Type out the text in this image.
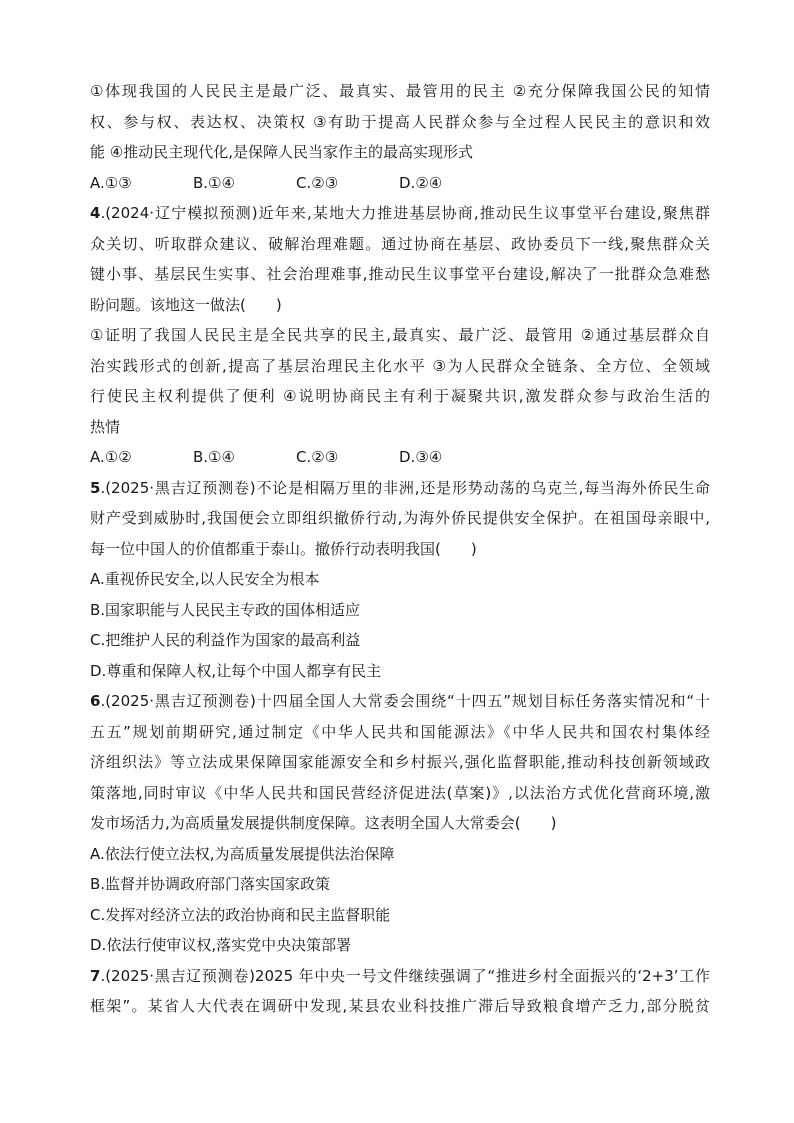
①体现我国的人民民主是最广泛、最真实、最管用的民主 ②充分保障我国公民的知情
权、参与权、表达权、决策权 ③有助于提高人民群众参与全过程人民民主的意识和效
能 ④推动民主现代化,是保障人民当家作主的最高实现形式
A.①③	B.①④	C.②③	D.②④
4.(2024·辽宁模拟预测)近年来,某地大力推进基层协商,推动民生议事堂平台建设,聚焦群
众关切、听取群众建议、破解治理难题。通过协商在基层、政协委员下一线,聚焦群众关
键小事、基层民生实事、社会治理难事,推动民生议事堂平台建设,解决了一批群众急难愁
盼问题。该地这一做法(　　)
①证明了我国人民民主是全民共享的民主,最真实、最广泛、最管用 ②通过基层群众自
治实践形式的创新,提高了基层治理民主化水平 ③为人民群众全链条、全方位、全领域
行使民主权利提供了便利 ④说明协商民主有利于凝聚共识,激发群众参与政治生活的
热情
A.①②	B.①④	C.②③	D.③④
5.(2025·黑吉辽预测卷)不论是相隔万里的非洲,还是形势动荡的乌克兰,每当海外侨民生命
财产受到威胁时,我国便会立即组织撤侨行动,为海外侨民提供安全保护。在祖国母亲眼中,
每一位中国人的价值都重于泰山。撤侨行动表明我国(　　)
A.重视侨民安全,以人民安全为根本
B.国家职能与人民民主专政的国体相适应
C.把维护人民的利益作为国家的最高利益
D.尊重和保障人权,让每个中国人都享有民主
6.(2025·黑吉辽预测卷)十四届全国人大常委会围绕“十四五”规划目标任务落实情况和“十
五五”规划前期研究,通过制定《中华人民共和国能源法》《中华人民共和国农村集体经
济组织法》等立法成果保障国家能源安全和乡村振兴,强化监督职能,推动科技创新领域政
策落地,同时审议《中华人民共和国民营经济促进法(草案)》,以法治方式优化营商环境,激
发市场活力,为高质量发展提供制度保障。这表明全国人大常委会(　　)
A.依法行使立法权,为高质量发展提供法治保障
B.监督并协调政府部门落实国家政策
C.发挥对经济立法的政治协商和民主监督职能
D.依法行使审议权,落实党中央决策部署
7.(2025·黑吉辽预测卷)2025 年中央一号文件继续强调了“推进乡村全面振兴的‘2+3’工作
框架”。某省人大代表在调研中发现,某县农业科技推广滞后导致粮食增产乏力,部分脱贫
